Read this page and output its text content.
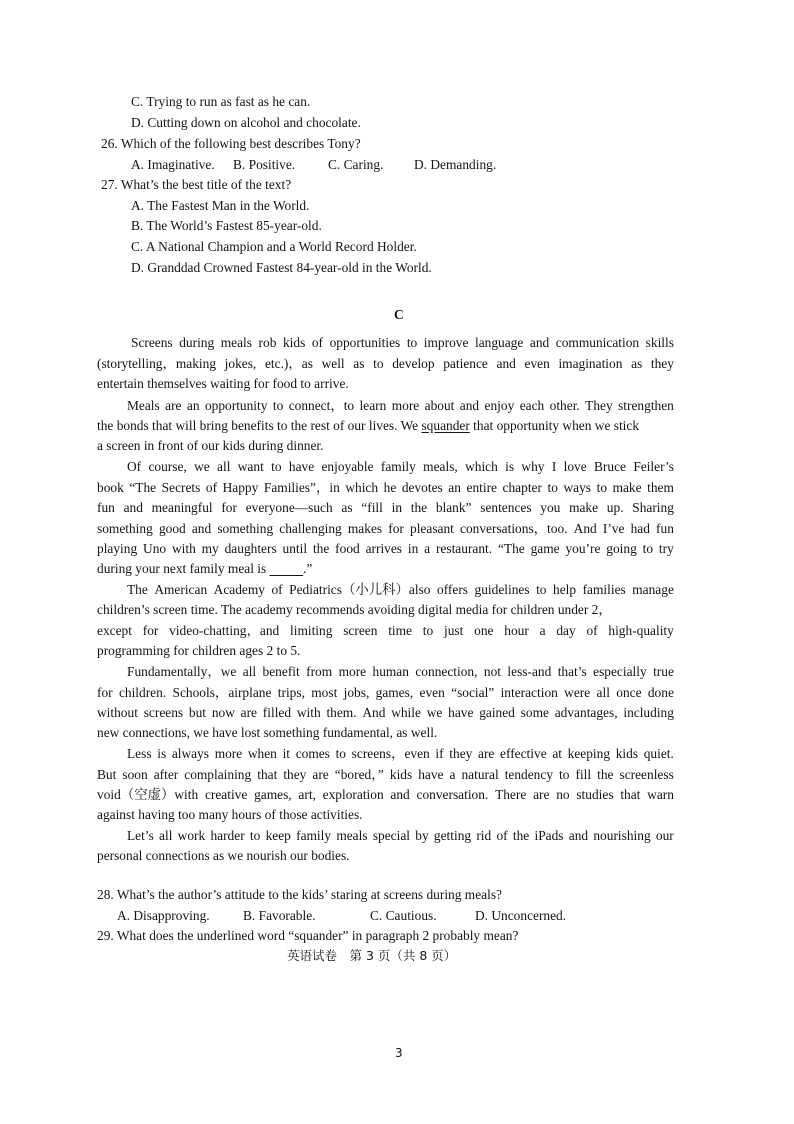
C. Trying to run as fast as he can.
D. Cutting down on alcohol and chocolate.
26. Which of the following best describes Tony?
A. Imaginative. B. Positive. C. Caring. D. Demanding.
27. What’s the best title of the text?
A. The Fastest Man in the World.
B. The World’s Fastest 85-year-old.
C. A National Champion and a World Record Holder.
D. Granddad Crowned Fastest 84-year-old in the World.
C
Screens during meals rob kids of opportunities to improve language and communication skills
(storytelling，making jokes, etc.)，as well as to develop patience and even imagination as they
entertain themselves waiting for food to arrive.
Meals are an opportunity to connect，to learn more about and enjoy each other. They strengthen
the bonds that will bring benefits to the rest of our lives. We squander that opportunity when we stick
a screen in front of our kids during dinner.
Of course, we all want to have enjoyable family meals, which is why I love Bruce Feiler’s
book “The Secrets of Happy Families”，in which he devotes an entire chapter to ways to make them
fun and meaningful for everyone—such as “fill in the blank” sentences you make up. Sharing
something good and something challenging makes for pleasant conversations，too. And I’ve had fun
playing Uno with my daughters until the food arrives in a restaurant. “The game you’re going to try
during your next family meal is           .”
The American Academy of Pediatrics（小儿科）also offers guidelines to help families manage
children’s screen time. The academy recommends avoiding digital media for children under 2，
except for video-chatting，and limiting screen time to just one hour a day of high-quality
programming for children ages 2 to 5.
Fundamentally，we all benefit from more human connection, not less-and that’s especially true
for children. Schools，airplane trips, most jobs, games, even “social” interaction were all once done
without screens but now are filled with them. And while we have gained some advantages, including
new connections, we have lost something fundamental, as well.
Less is always more when it comes to screens，even if they are effective at keeping kids quiet.
But soon after complaining that they are “bored，” kids have a natural tendency to fill the screenless
void（空虚）with creative games, art, exploration and conversation. There are no studies that warn
against having too many hours of those activities.
Let’s all work harder to keep family meals special by getting rid of the iPads and nourishing our
personal connections as we nourish our bodies.
28. What’s the author’s attitude to the kids’ staring at screens during meals?
A. Disapproving. B. Favorable.	C. Cautious.	D. Unconcerned.
29. What does the underlined word “squander” in paragraph 2 probably mean?
英语试卷　第 3 页（共 8 页）
3
